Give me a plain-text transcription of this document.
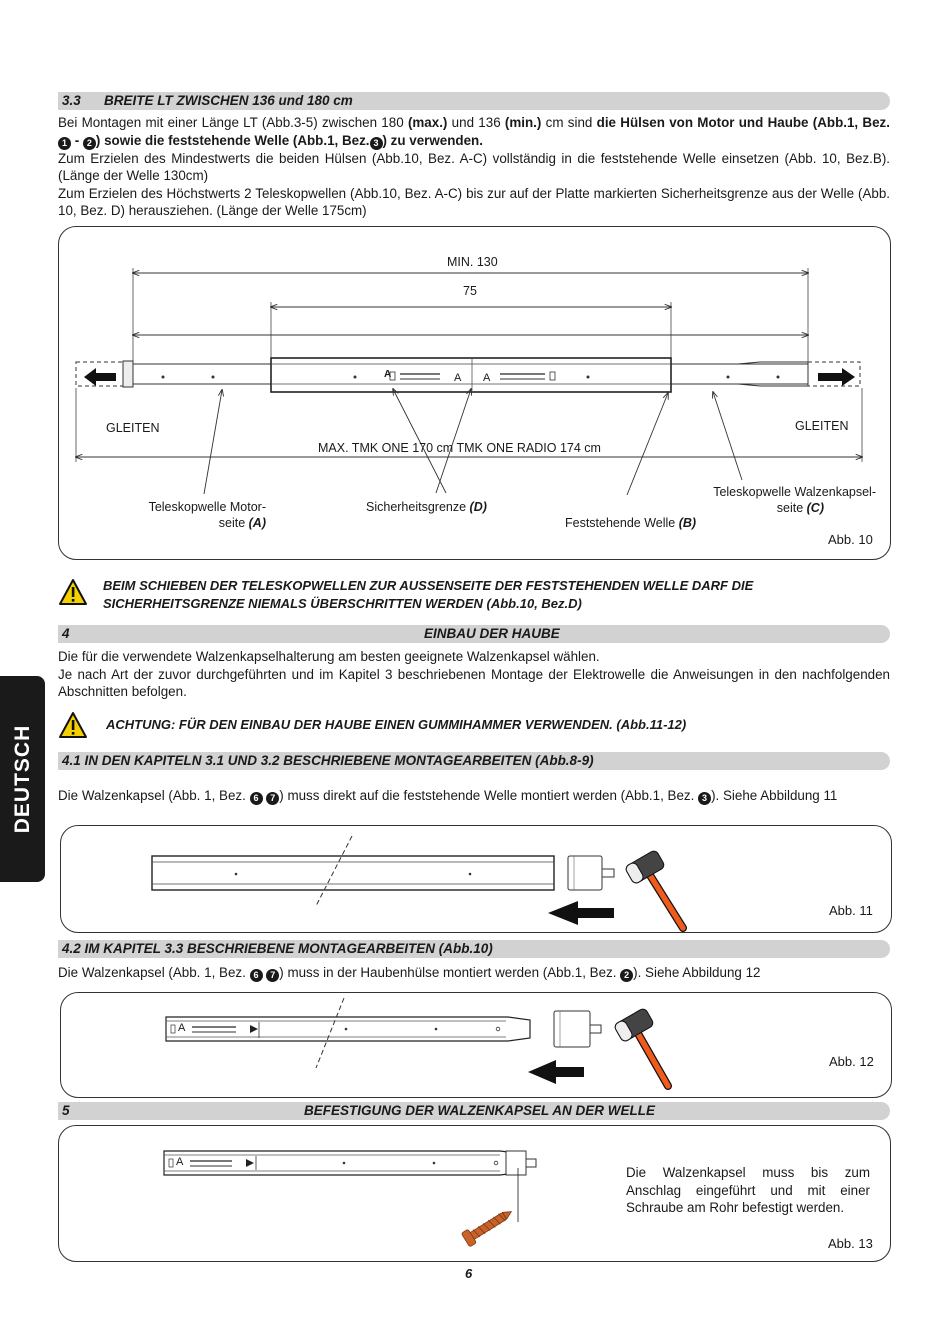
DEUTSCH
3.3 BREITE LT ZWISCHEN 136 und 180 cm

Bei Montagen mit einer Länge LT (Abb.3-5) zwischen 180 (max.) und 136 (min.) cm sind die Hülsen von Motor und Haube (Abb.1, Bez.1 - 2 ) sowie die feststehende Welle (Abb.1, Bez. 3 ) zu verwenden.

Zum Erzielen des Mindestwerts die beiden Hülsen (Abb.10, Bez. A-C) vollständig in die feststehende Welle einsetzen (Abb. 10, Bez.B). (Länge der Welle 130cm)

Zum Erzielen des Höchstwerts 2 Teleskopwellen (Abb.10, Bez. A-C) bis zur auf der Platte markierten Sicherheitsgrenze aus der Welle (Abb. 10, Bez. D) herausziehen. (Länge der Welle 175cm)

A	A A
MIN. 130
75
GLEITEN	GLEITEN
MAX. TMK ONE 170 cm TMK ONE RADIO 174 cm
Teleskopwelle Motor-
seite (A)
Sicherheitsgrenze (D)
Feststehende Welle (B)
Teleskopwelle Walzenkapsel-
seite (C)
Abb. 10
BEIM SCHIEBEN DER TELESKOPWELLEN ZUR AUSSENSEITE DER FESTSTEHENDEN WELLE DARF DIE SICHERHEITSGRENZE NIEMALS ÜBERSCHRITTEN WERDEN (Abb.10, Bez.D)
4	EINBAU DER HAUBE

Die für die verwendete Walzenkapselhalterung am besten geeignete Walzenkapsel wählen.

Je nach Art der zuvor durchgeführten und im Kapitel 3 beschriebenen Montage der Elektrowelle die Anweisungen in den nachfolgenden Abschnitten befolgen.

ACHTUNG: FÜR DEN EINBAU DER HAUBE EINEN GUMMIHAMMER VERWENDEN. (Abb.11-12)
4.1 IN DEN KAPITELN 3.1 UND 3.2 BESCHRIEBENE MONTAGEARBEITEN (Abb.8-9)
Die Walzenkapsel (Abb. 1, Bez. 6 7 ) muss direkt auf die feststehende Welle montiert werden (Abb.1, Bez. 3 ). Siehe Abbildung 11
Abb. 11
4.2 IM KAPITEL 3.3 BESCHRIEBENE MONTAGEARBEITEN (Abb.10)
Die Walzenkapsel (Abb. 1, Bez. 6 7 ) muss in der Haubenhülse montiert werden (Abb.1, Bez. 2 ). Siehe Abbildung 12
A
Abb. 12
5	BEFESTIGUNG DER WALZENKAPSEL AN DER WELLE
A
Die Walzenkapsel muss bis zum Anschlag eingeführt und mit einer Schraube am Rohr befestigt werden.
Abb. 13
6
